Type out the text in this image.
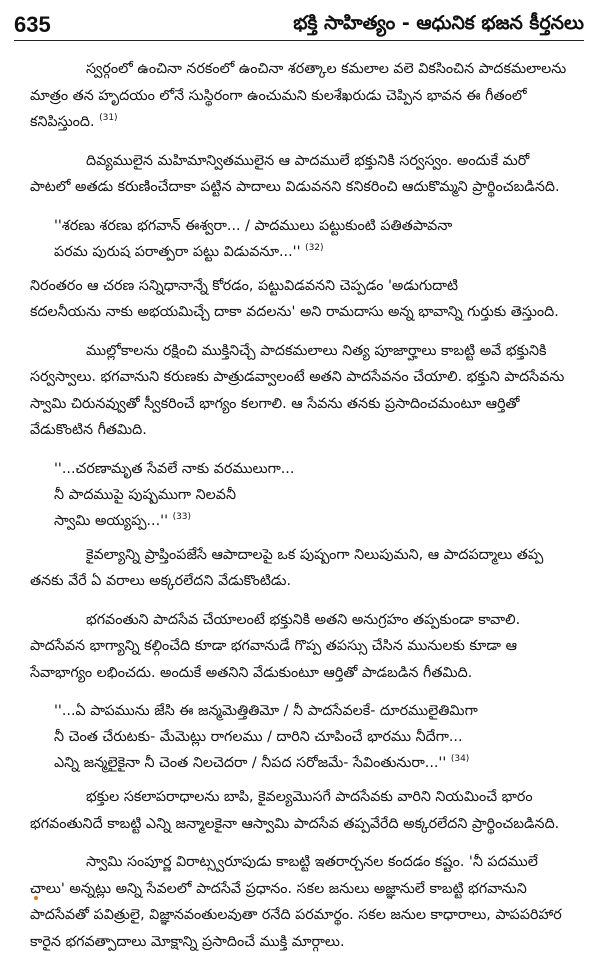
635	భక్తి సాహిత్యం - ఆధునిక భజన కీర్తనలు

స్వర్గంలో ఉంచినా నరకంలో ఉంచినా శరత్కాల కమలాల వలె వికసించిన పాదకమలాలను
మాత్రం తన హృదయం లోనే సుస్థిరంగా ఉంచుమని కులశేఖరుడు చెప్పిన భావన ఈ గీతంలో
కనిపిస్తుంది. $^{(31)}$

దివ్యములైన మహిమాన్వితములైన ఆ పాదములే భక్తునికి సర్వస్వం. అందుకే మరో
పాటలో అతడు కరుణించేదాకా పట్టిన పాదాలు విడువనని కనికరించి ఆదుకొమ్మని ప్రార్థించబడినది.

''శరణు శరణు భగవాన్ ఈశ్వరా... / పాదములు పట్టుకుంటి పతితపావనా
పరమ పురుష పరాత్పరా పట్టు విడువనూ...'' $^{(32)}$

నిరంతరం ఆ చరణ సన్నిధానాన్నే కోరడం, పట్టువిడవనని చెప్పడం 'అడుగుదాటి
కదలనీయను నాకు అభయమిచ్చే దాకా వదలను' అని రామదాసు అన్న భావాన్ని గుర్తుకు తెస్తుంది.

ముల్లోకాలను రక్షించి ముక్తినిచ్చే పాదకమలాలు నిత్య పూజార్హాలు కాబట్టి అవే భక్తునికి
సర్వస్వాలు. భగవానుని కరుణకు పాత్రుడవ్వాలంటే అతని పాదసేవనం చేయాలి. భక్తుని పాదసేవను
స్వామి చిరునవ్వుతో స్వీకరించే భాగ్యం కలగాలి. ఆ సేవను తనకు ప్రసాదించమంటూ ఆర్తితో
వేడుకొంటిన గీతమిది.

''...చరణామృత సేవలే నాకు వరములుగా...
నీ పాదముపై పుష్పముగా నిలవనీ
స్వామి అయ్యప్ప...'' $^{(33)}$

కైవల్యాన్ని ప్రాప్తింపజేసే ఆపాదాలపై ఒక పుష్పంగా నిలుపుమని, ఆ పాదపద్మాలు తప్ప
తనకు వేరే ఏ వరాలు అక్కరలేదని వేడుకొంటిడు.

భగవంతుని పాదసేవ చేయాలంటే భక్తునికి అతని అనుగ్రహం తప్పకుండా కావాలి.
పాదసేవన భాగ్యాన్ని కల్గించేది కూడా భగవానుడే గొప్ప తపస్సు చేసిన మునులకు కూడా ఆ
సేవాభాగ్యం లభించదు. అందుకే అతనిని వేడుకుంటూ ఆర్తితో పాడబడిన గీతమిది.

''...ఏ పాపమును జేసి ఈ జన్మమెత్తితిమో / నీ పాదసేవలకే- దూరములైతిమిగా
నీ చెంత చేరుటకు- మేమెట్లు రాగలము / దారిని చూపించే భారము నీదేగా...
ఎన్ని జన్మలైకైనా నీ చెంత నిలచెదరా / నీపద సరోజమే- సేవింతునురా...'' $^{(34)}$

భక్తుల సకలాపరాధాలను బాపి, కైవల్యమొసగే పాదసేవకు వారిని నియమించే భారం
భగవంతునిదే కాబట్టి ఎన్ని జన్మాలకైనా ఆస్వామి పాదసేవ తప్పవేరేది అక్కరలేదని ప్రార్థించబడినది.

స్వామి సంపూర్ణ విరాట్స్వరూపుడు కాబట్టి ఇతరార్చనల కందడం కష్టం. 'నీ పదములే
చాలు' అన్నట్లు అన్ని సేవలలో పాదసేవే ప్రధానం. సకల జనులు అజ్ఞానులే కాబట్టి భగవానుని
పాదసేవతో పవిత్రులై, విజ్ఞానవంతులవుతా రనేది పరమార్థం. సకల జనుల కాధారాలు, పాపపరిహార
కారైన భగవత్పాదాలు మోక్షాన్ని ప్రసాదించే ముక్తి మార్గాలు.
